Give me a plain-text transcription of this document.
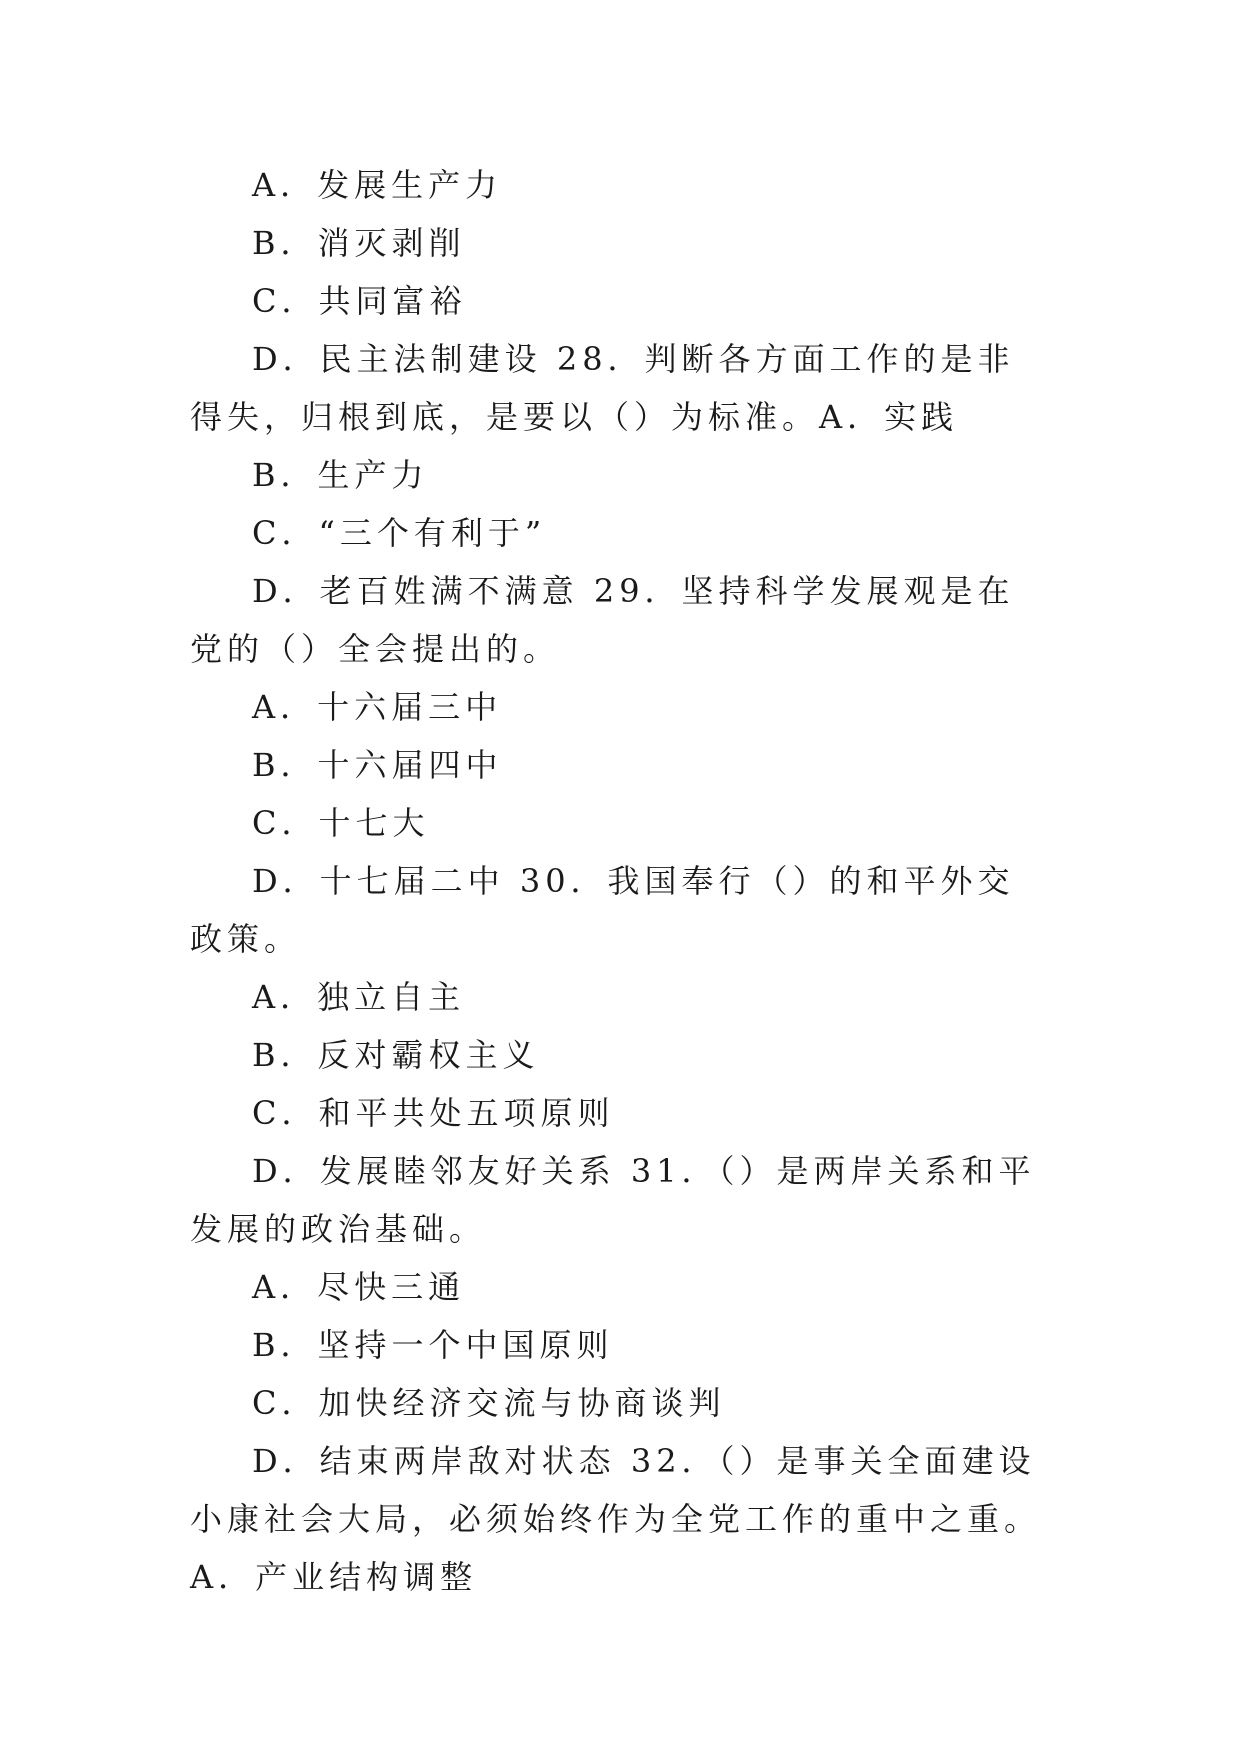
A．发展生产力

B．消灭剥削

C．共同富裕

D．民主法制建设 28．判断各方面工作的是非得失，归根到底，是要以（）为标准。A．实践

B．生产力

C．“三个有利于”

D．老百姓满不满意 29．坚持科学发展观是在党的（）全会提出的。

A．十六届三中

B．十六届四中

C．十七大

D．十七届二中 30．我国奉行（）的和平外交政策。

A．独立自主

B．反对霸权主义

C．和平共处五项原则

D．发展睦邻友好关系 31．（）是两岸关系和平发展的政治基础。

A．尽快三通

B．坚持一个中国原则

C．加快经济交流与协商谈判

D．结束两岸敌对状态 32．（）是事关全面建设小康社会大局，必须始终作为全党工作的重中之重。A．产业结构调整
